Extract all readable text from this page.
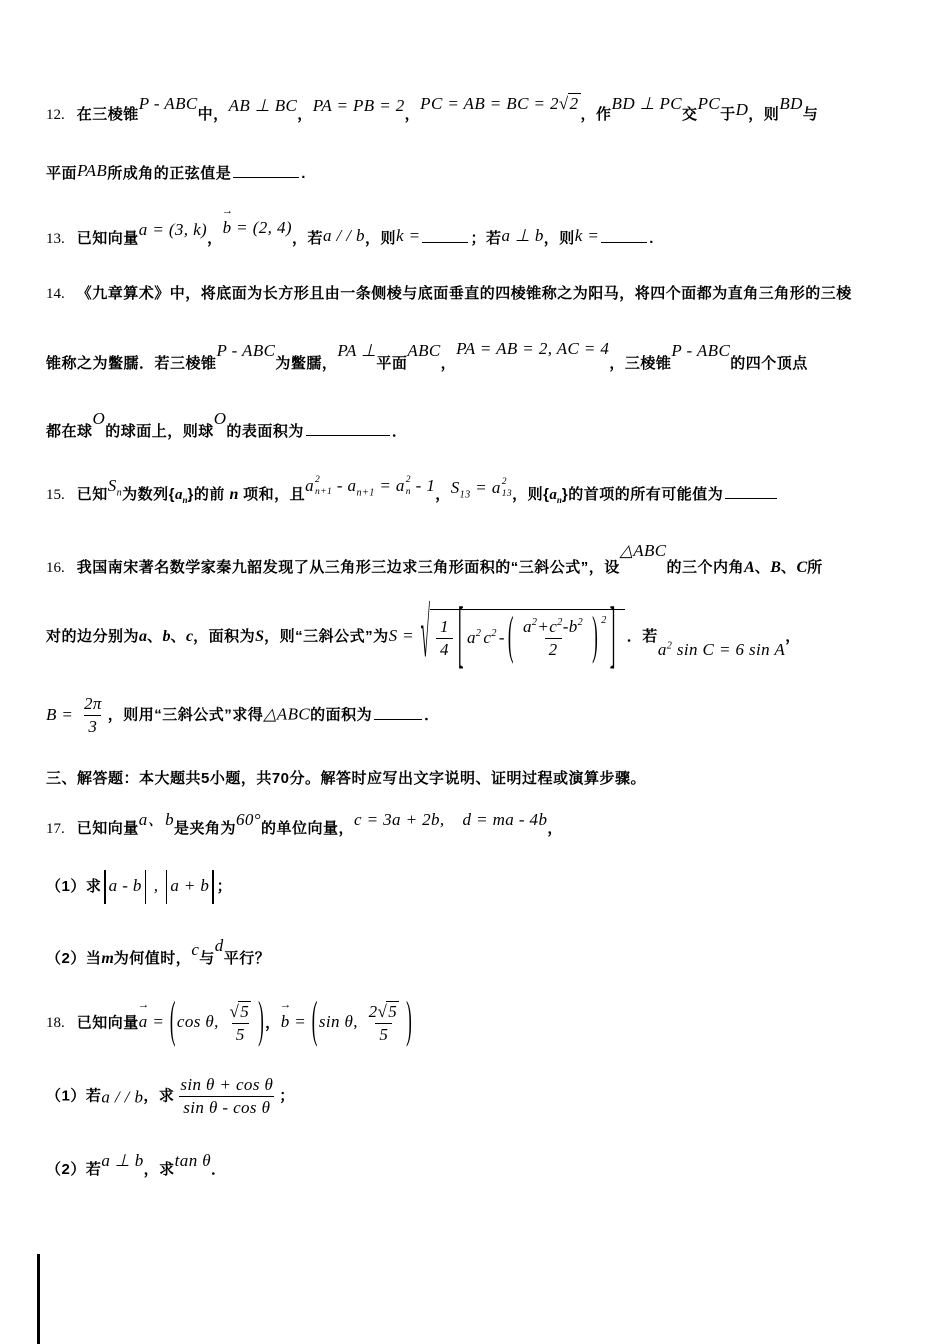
12. 在三棱锥P - ABC中，AB ⊥ BC，PA = PB = 2，PC = AB = BC = 2√2，作BD ⊥ PC交PC于D，则BD与
平面PAB所成角的正弦值是	.
13. 已知向量a = (3, k)，
→
b = (2, 4)，若a / / b，则k =	；若a ⊥ b，则k =	.
14. 《九章算术》中，将底面为长方形且由一条侧棱与底面垂直的四棱锥称之为阳马，将四个面都为直角三角形的三棱
锥称之为鳖臑．若三棱锥P - ABC为鳖臑，PA ⊥平面ABC，PA = AB = 2, AC = 4，三棱锥P - ABC的四个顶点
都在球O的球面上，则球O的表面积为	．
15. 已知$S_n$为数列$\{a_n\}$的前 n 项和，且a 2
$n+1 - a_{n+1} = a$ 2
n - 1，$S_{13} = a$ 2
13 ，则$\{a_n\}$的首项的所有可能值为
16. 我国南宋著名数学家秦九韶发现了从三角形三边求三角形面积的“三斜公式”，设△ABC的三个内角A、B、C所
对的边分别为a、b、c，面积为S，则“三斜公式”为S = √ $\frac{1}{4}$ [ $a^2$ $c^2$ - ( $\frac{a^2 + c^2 - b^2}{2}$ ) $^2$ ] ．若$a^2$ sin C = 6 sin A，
$B = \frac{2\pi}{3}$ ，则用“三斜公式”求得△ABC的面积为	．
三、解答题：本大题共5小题，共70分。解答时应写出文字说明、证明过程或演算步骤。
17. 已知向量a、b是夹角为60°的单位向量，c = 3a + 2b, d = ma - 4b，
（1）求 a - b , a + b ；
（2）当m为何值时，c与d平行？
18. 已知向量
→
a = (cos θ, $\frac{√5}{5}$ )，
→
b = (sin θ, $\frac{2 √5}{5}$ )
（1）若a / / b，求 $\frac{\text{sin θ + cos θ}}{\text{sin θ - cos θ}}$ ；
（2）若a ⊥ b，求tan θ．
